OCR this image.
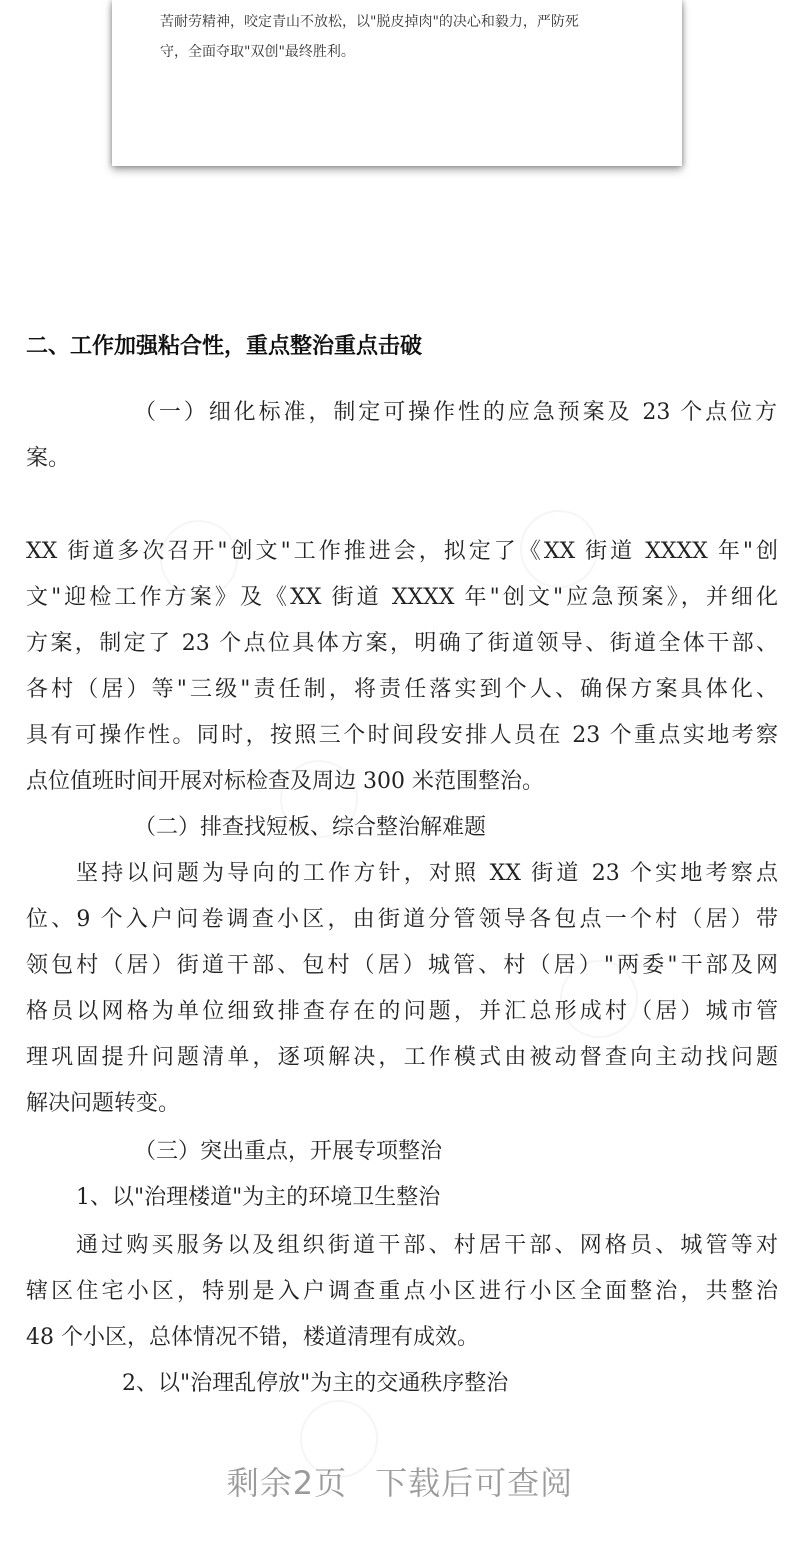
苦耐劳精神，咬定青山不放松，以"脱皮掉肉"的决心和毅力，严防死
守，全面夺取"双创"最终胜利。
二、工作加强粘合性，重点整治重点击破
（一）细化标准，制定可操作性的应急预案及 23 个点位方
案。
XX 街道多次召开"创文"工作推进会，拟定了《XX 街道 XXXX 年"创
文"迎检工作方案》及《XX 街道 XXXX 年"创文"应急预案》，并细化
方案，制定了 23 个点位具体方案，明确了街道领导、街道全体干部、
各村（居）等"三级"责任制，将责任落实到个人、确保方案具体化、
具有可操作性。同时，按照三个时间段安排人员在 23 个重点实地考察
点位值班时间开展对标检查及周边 300 米范围整治。
（二）排查找短板、综合整治解难题
坚持以问题为导向的工作方针，对照 XX 街道 23 个实地考察点
位、9 个入户问卷调查小区，由街道分管领导各包点一个村（居）带
领包村（居）街道干部、包村（居）城管、村（居）"两委"干部及网
格员以网格为单位细致排查存在的问题，并汇总形成村（居）城市管
理巩固提升问题清单，逐项解决，工作模式由被动督查向主动找问题
解决问题转变。
（三）突出重点，开展专项整治
1、以"治理楼道"为主的环境卫生整治
通过购买服务以及组织街道干部、村居干部、网格员、城管等对
辖区住宅小区，特别是入户调查重点小区进行小区全面整治，共整治
48 个小区，总体情况不错，楼道清理有成效。
2、以"治理乱停放"为主的交通秩序整治
剩余2页 下载后可查阅
